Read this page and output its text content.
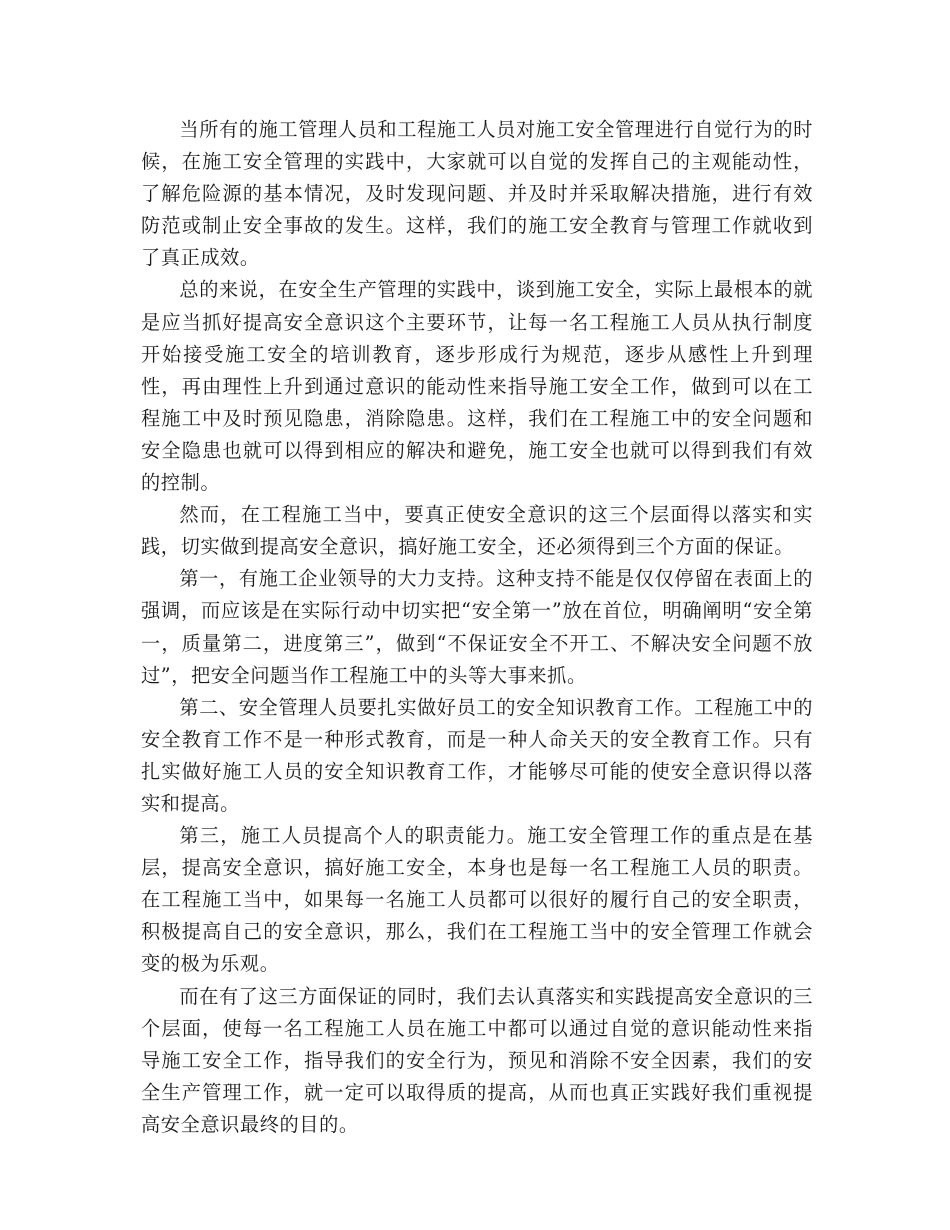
当所有的施工管理人员和工程施工人员对施工安全管理进行自觉行为的时候，在施工安全管理的实践中，大家就可以自觉的发挥自己的主观能动性，了解危险源的基本情况，及时发现问题、并及时并采取解决措施，进行有效防范或制止安全事故的发生。这样，我们的施工安全教育与管理工作就收到了真正成效。

总的来说，在安全生产管理的实践中，谈到施工安全，实际上最根本的就是应当抓好提高安全意识这个主要环节，让每一名工程施工人员从执行制度开始接受施工安全的培训教育，逐步形成行为规范，逐步从感性上升到理性，再由理性上升到通过意识的能动性来指导施工安全工作，做到可以在工程施工中及时预见隐患，消除隐患。这样，我们在工程施工中的安全问题和安全隐患也就可以得到相应的解决和避免，施工安全也就可以得到我们有效的控制。

然而，在工程施工当中，要真正使安全意识的这三个层面得以落实和实践，切实做到提高安全意识，搞好施工安全，还必须得到三个方面的保证。

第一，有施工企业领导的大力支持。这种支持不能是仅仅停留在表面上的强调，而应该是在实际行动中切实把“安全第一”放在首位，明确阐明“安全第一，质量第二，进度第三”，做到“不保证安全不开工、不解决安全问题不放过”，把安全问题当作工程施工中的头等大事来抓。

第二、安全管理人员要扎实做好员工的安全知识教育工作。工程施工中的安全教育工作不是一种形式教育，而是一种人命关天的安全教育工作。只有扎实做好施工人员的安全知识教育工作，才能够尽可能的使安全意识得以落实和提高。

第三，施工人员提高个人的职责能力。施工安全管理工作的重点是在基层，提高安全意识，搞好施工安全，本身也是每一名工程施工人员的职责。在工程施工当中，如果每一名施工人员都可以很好的履行自己的安全职责，积极提高自己的安全意识，那么，我们在工程施工当中的安全管理工作就会变的极为乐观。

而在有了这三方面保证的同时，我们去认真落实和实践提高安全意识的三个层面，使每一名工程施工人员在施工中都可以通过自觉的意识能动性来指导施工安全工作，指导我们的安全行为，预见和消除不安全因素，我们的安全生产管理工作，就一定可以取得质的提高，从而也真正实践好我们重视提高安全意识最终的目的。
